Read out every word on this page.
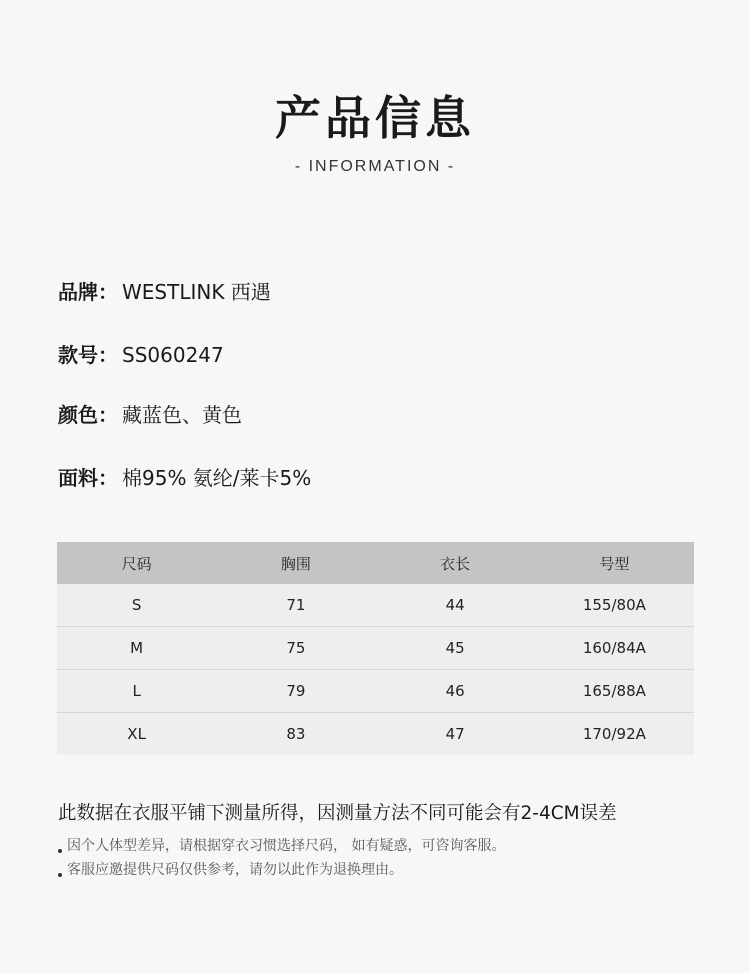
产品信息
- INFORMATION -
品牌： WESTLINK 西遇
款号： SS060247
颜色： 藏蓝色、黄色
面料： 棉95% 氨纶/莱卡5%
尺码	胸围	衣长	号型
S	71	44	155/80A
M	75	45	160/84A
L	79	46	165/88A
XL	83	47	170/92A
此数据在衣服平铺下测量所得，因测量方法不同可能会有2-4CM误差
因个人体型差异，请根据穿衣习惯选择尺码， 如有疑惑，可咨询客服。
客服应邀提供尺码仅供参考，请勿以此作为退换理由。
